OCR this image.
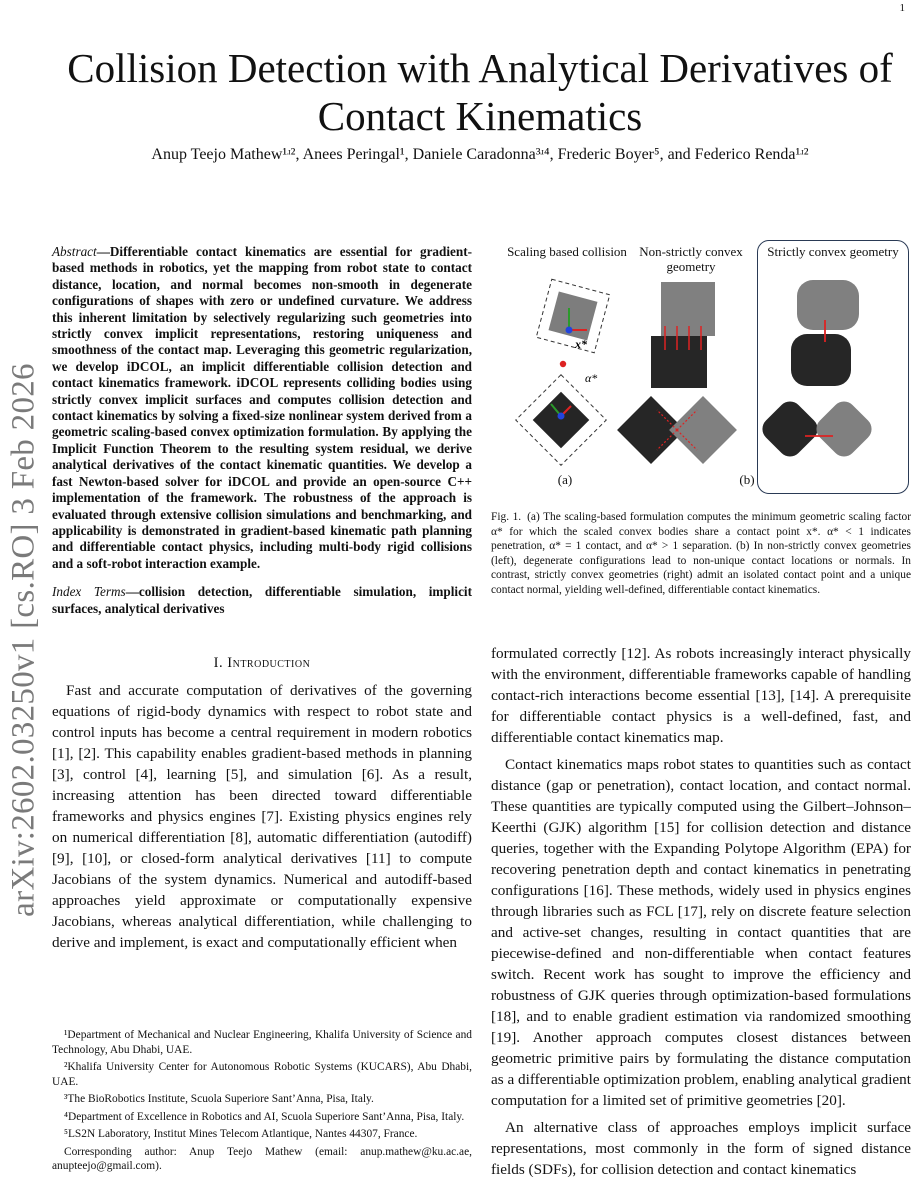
1
arXiv:2602.03250v1 [cs.RO] 3 Feb 2026
Collision Detection with Analytical Derivatives of Contact Kinematics
Anup Teejo Mathew¹ʴ², Anees Peringal¹, Daniele Caradonna³ʴ⁴, Frederic Boyer⁵, and Federico Renda¹ʴ²

Abstract—Differentiable contact kinematics are essential for gradient-based methods in robotics, yet the mapping from robot state to contact distance, location, and normal becomes non-smooth in degenerate configurations of shapes with zero or undefined curvature. We address this inherent limitation by selectively regularizing such geometries into strictly convex implicit representations, restoring uniqueness and smoothness of the contact map. Leveraging this geometric regularization, we develop iDCOL, an implicit differentiable collision detection and contact kinematics framework. iDCOL represents colliding bodies using strictly convex implicit surfaces and computes collision detection and contact kinematics by solving a fixed-size nonlinear system derived from a geometric scaling-based convex optimization formulation. By applying the Implicit Function Theorem to the resulting system residual, we derive analytical derivatives of the contact kinematic quantities. We develop a fast Newton-based solver for iDCOL and provide an open-source C++ implementation of the framework. The robustness of the approach is evaluated through extensive collision simulations and benchmarking, and applicability is demonstrated in gradient-based kinematic path planning and differentiable contact physics, including multi-body rigid collisions and a soft-robot interaction example.

Index Terms—collision detection, differentiable simulation, implicit surfaces, analytical derivatives

I. Introduction

Fast and accurate computation of derivatives of the governing equations of rigid-body dynamics with respect to robot state and control inputs has become a central requirement in modern robotics [1], [2]. This capability enables gradient-based methods in planning [3], control [4], learning [5], and simulation [6]. As a result, increasing attention has been directed toward differentiable frameworks and physics engines [7]. Existing physics engines rely on numerical differentiation [8], automatic differentiation (autodiff) [9], [10], or closed-form analytical derivatives [11] to compute Jacobians of the system dynamics. Numerical and autodiff-based approaches yield approximate or computationally expensive Jacobians, whereas analytical differentiation, while challenging to derive and implement, is exact and computationally efficient when

¹Department of Mechanical and Nuclear Engineering, Khalifa University of Science and Technology, Abu Dhabi, UAE.

²Khalifa University Center for Autonomous Robotic Systems (KUCARS), Abu Dhabi, UAE.

³The BioRobotics Institute, Scuola Superiore Sant’Anna, Pisa, Italy.

⁴Department of Excellence in Robotics and AI, Scuola Superiore Sant’Anna, Pisa, Italy.

⁵LS2N Laboratory, Institut Mines Telecom Atlantique, Nantes 44307, France.

Corresponding author: Anup Teejo Mathew (email: anup.mathew@ku.ac.ae, anupteejo@gmail.com).

Scaling based collision Non-strictly convex geometry
Strictly convex geometry
x*
α*
(a)	(b)

Fig. 1. (a) The scaling-based formulation computes the minimum geometric scaling factor α* for which the scaled convex bodies share a contact point x*. α* < 1 indicates penetration, α* = 1 contact, and α* > 1 separation. (b) In non-strictly convex geometries (left), degenerate configurations lead to non-unique contact locations or normals. In contrast, strictly convex geometries (right) admit an isolated contact point and a unique contact normal, yielding well-defined, differentiable contact kinematics.

formulated correctly [12]. As robots increasingly interact physically with the environment, differentiable frameworks capable of handling contact-rich interactions become essential [13], [14]. A prerequisite for differentiable contact physics is a well-defined, fast, and differentiable contact kinematics map.

Contact kinematics maps robot states to quantities such as contact distance (gap or penetration), contact location, and contact normal. These quantities are typically computed using the Gilbert–Johnson–Keerthi (GJK) algorithm [15] for collision detection and distance queries, together with the Expanding Polytope Algorithm (EPA) for recovering penetration depth and contact kinematics in penetrating configurations [16]. These methods, widely used in physics engines through libraries such as FCL [17], rely on discrete feature selection and active-set changes, resulting in contact quantities that are piecewise-defined and non-differentiable when contact features switch. Recent work has sought to improve the efficiency and robustness of GJK queries through optimization-based formulations [18], and to enable gradient estimation via randomized smoothing [19]. Another approach computes closest distances between geometric primitive pairs by formulating the distance computation as a differentiable optimization problem, enabling analytical gradient computation for a limited set of primitive geometries [20].

An alternative class of approaches employs implicit surface representations, most commonly in the form of signed distance fields (SDFs), for collision detection and contact kinematics
